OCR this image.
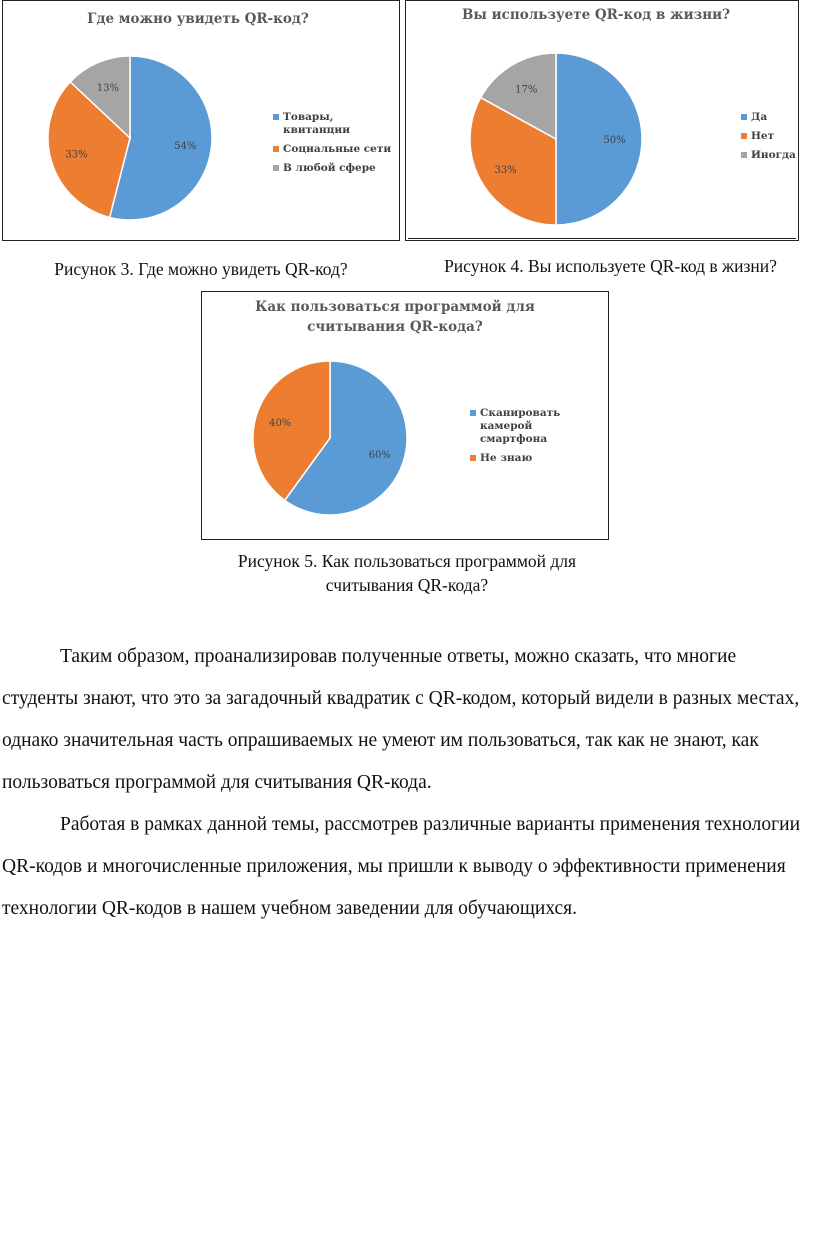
Где можно увидеть QR-код?
54%
33%
13%
Товары, квитанции
Социальные сети
В любой сфере
Вы используете QR-код в жизни?
50%
33%
17%
Да
Нет
Иногда
Рисунок 3. Где можно увидеть QR-код?	Рисунок 4. Вы используете QR-код в жизни?
Как пользоваться программой для
считывания QR-кода?
60%
40%
Сканировать камерой
смартфона
Не знаю
Рисунок 5. Как пользоваться программой для
считывания QR-кода?

Таким образом, проанализировав полученные ответы, можно сказать, что многие студенты знают, что это за загадочный квадратик с QR-кодом, который видели в разных местах, однако значительная часть опрашиваемых не умеют им пользоваться, так как не знают, как пользоваться программой для считывания QR-кода.

Работая в рамках данной темы, рассмотрев различные варианты применения технологии QR-кодов и многочисленные приложения, мы пришли к выводу о эффективности применения технологии QR-кодов в нашем учебном заведении для обучающихся.
